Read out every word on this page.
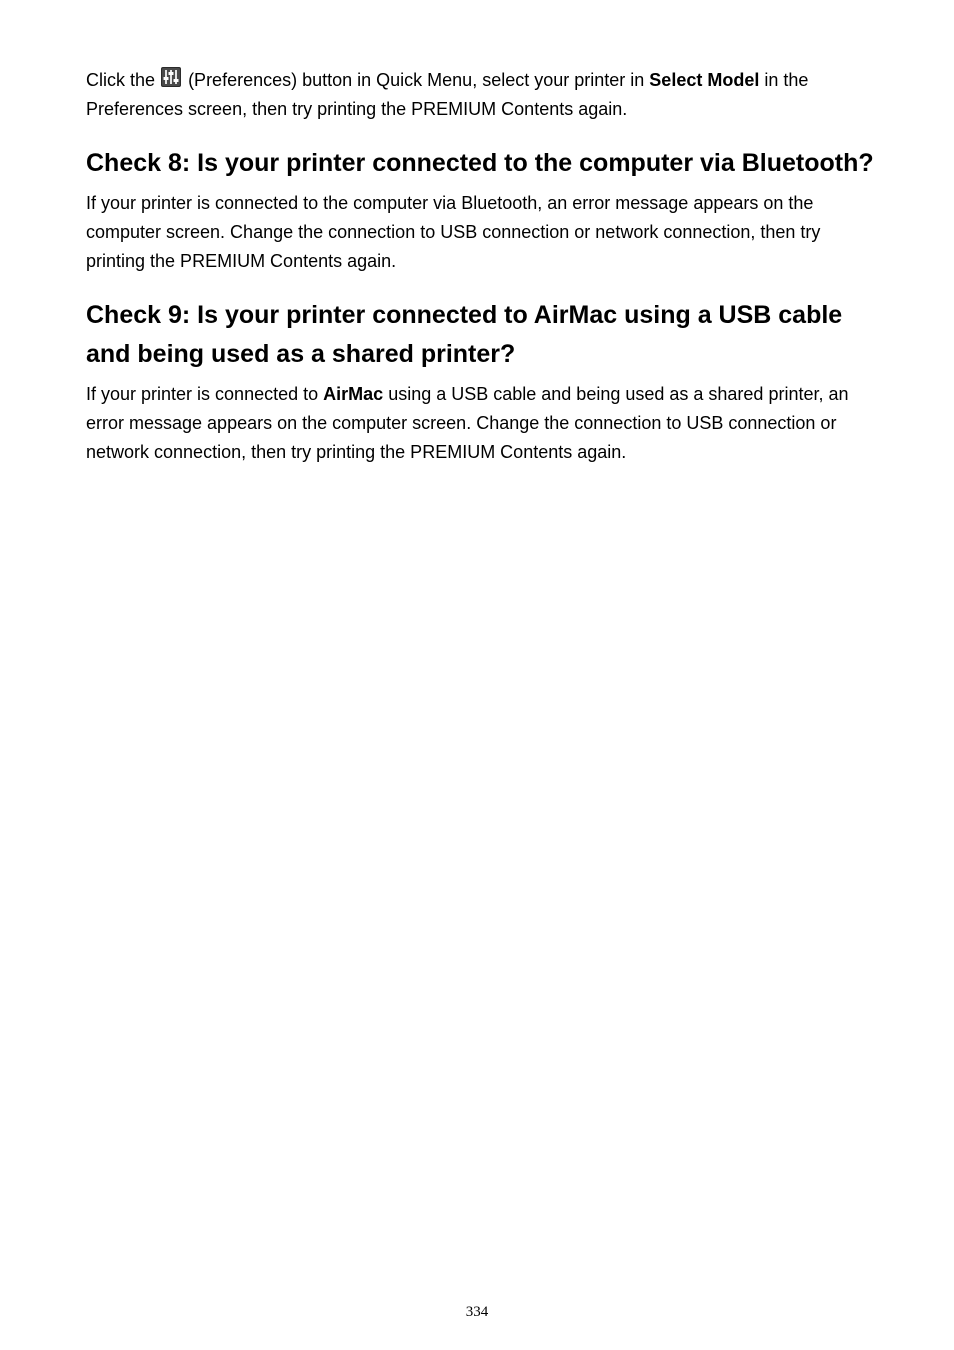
Click the (Preferences) button in Quick Menu, select your printer in Select Model in the Preferences screen, then try printing the PREMIUM Contents again.

Check 8: Is your printer connected to the computer via Bluetooth?

If your printer is connected to the computer via Bluetooth, an error message appears on the computer screen. Change the connection to USB connection or network connection, then try printing the PREMIUM Contents again.

Check 9: Is your printer connected to AirMac using a USB cable and being used as a shared printer?

If your printer is connected to AirMac using a USB cable and being used as a shared printer, an error message appears on the computer screen. Change the connection to USB connection or network connection, then try printing the PREMIUM Contents again.

334
